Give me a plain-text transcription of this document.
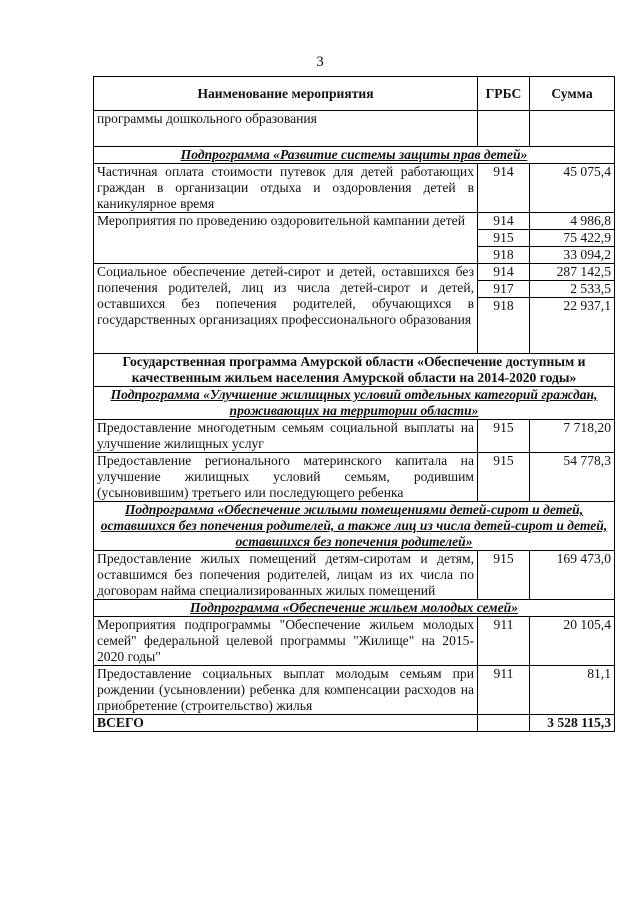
3
Наименование мероприятия	ГРБС	Сумма
программы дошкольного образования		
Подпрограмма «Развитие системы защиты прав детей»		
Частичная оплата стоимости путевок для детей работающих граждан в организации отдыха и оздоровления детей в каникулярное время	914	45 075,4
Мероприятия по проведению оздоровительной кампании детей	914	4 986,8
	915	75 422,9
	918	33 094,2
Социальное обеспечение детей-сирот и детей, оставшихся без попечения родителей, лиц из числа детей-сирот и детей, оставшихся без попечения родителей, обучающихся в государственных организациях профессионального образования	914	287 142,5
	917	2 533,5
	918	22 937,1
Государственная программа Амурской области «Обеспечение доступным и качественным жильем населения Амурской области на 2014-2020 годы»		
Подпрограмма «Улучшение жилищных условий отдельных категорий граждан, проживающих на территории области»		
Предоставление многодетным семьям социальной выплаты на улучшение жилищных услуг	915	7 718,20
Предоставление регионального материнского капитала на улучшение жилищных условий семьям, родившим (усыновившим) третьего или последующего ребенка	915	54 778,3
Подпрограмма «Обеспечение жилыми помещениями детей-сирот и детей, оставшихся без попечения родителей, а также лиц из числа детей-сирот и детей, оставшихся без попечения родителей»		
Предоставление жилых помещений детям-сиротам и детям, оставшимся без попечения родителей, лицам из их числа по договорам найма специализированных жилых помещений	915	169 473,0
Подпрограмма «Обеспечение жильем молодых семей»		
Мероприятия подпрограммы "Обеспечение жильем молодых семей" федеральной целевой программы "Жилище" на 2015-2020 годы"	911	20 105,4
Предоставление социальных выплат молодым семьям при рождении (усыновлении) ребенка для компенсации расходов на приобретение (строительство) жилья	911	81,1
ВСЕГО		3 528 115,3
